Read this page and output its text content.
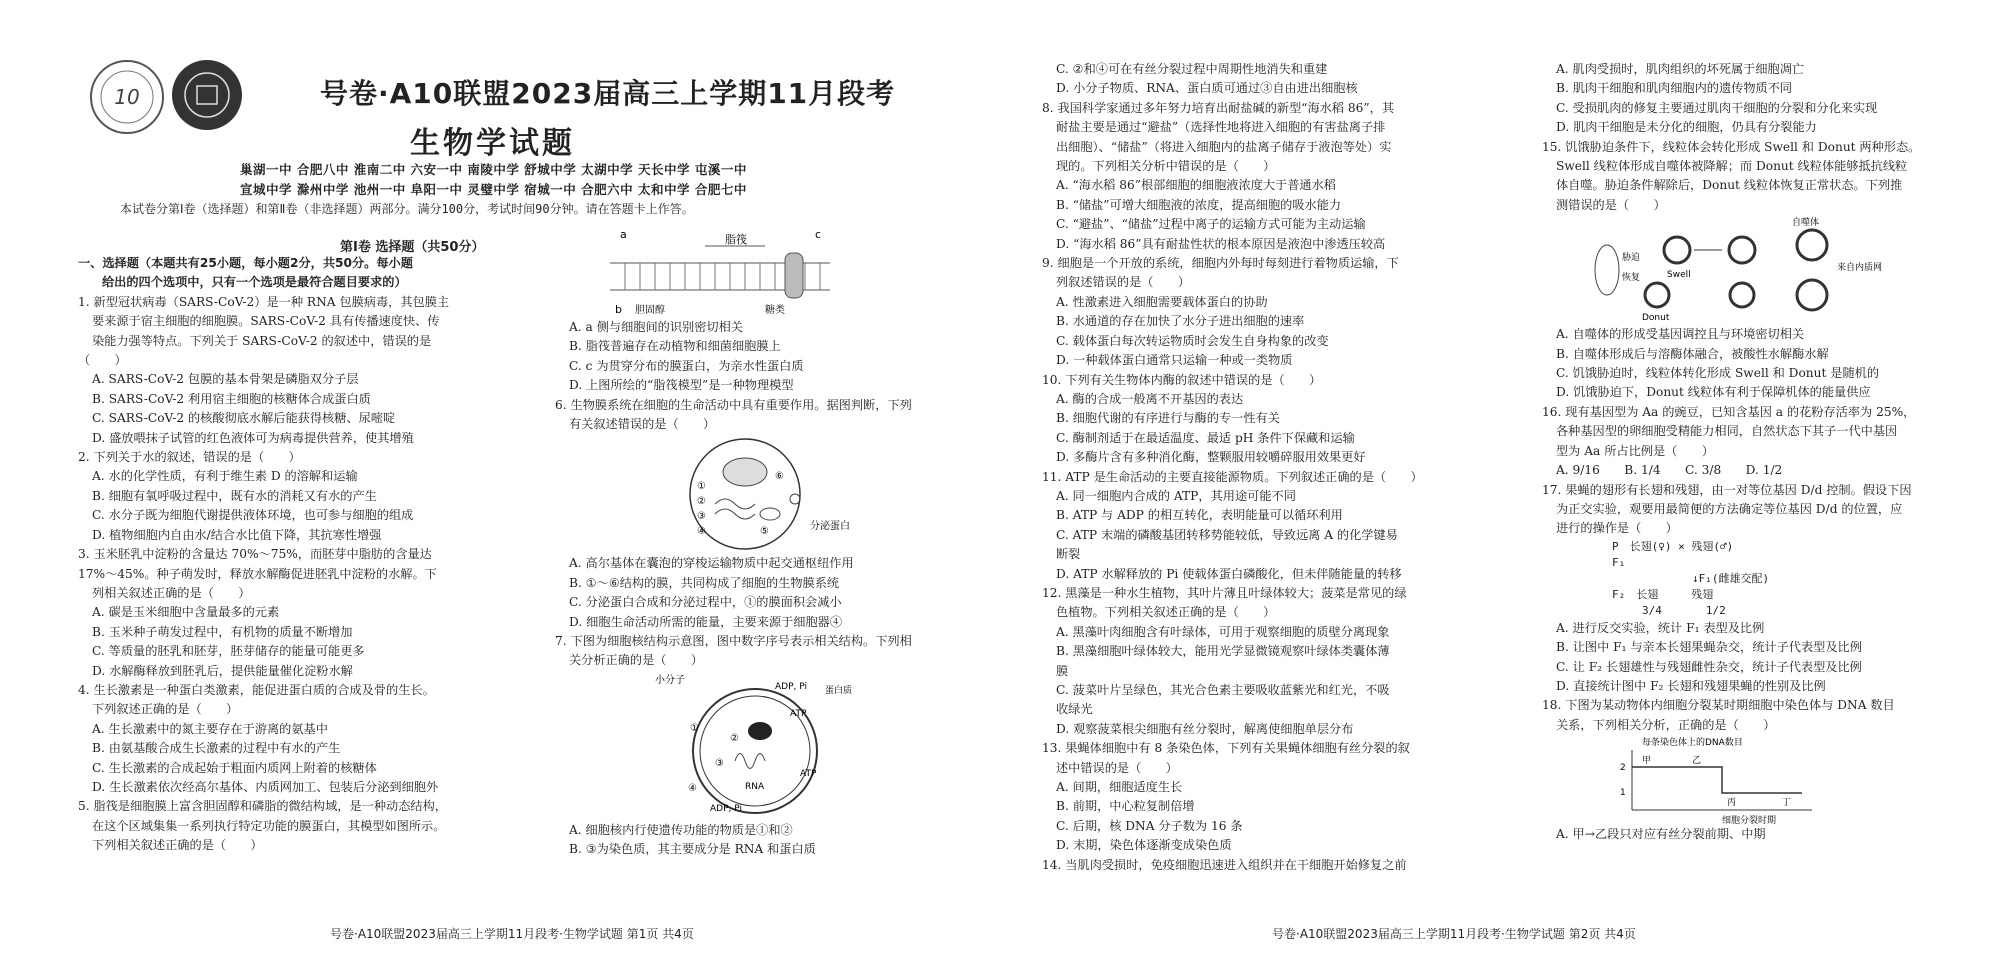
10	号卷·A10联盟2023届高三上学期11月段考
生物学试题
巢湖一中 合肥八中 淮南二中 六安一中 南陵中学 舒城中学 太湖中学 天长中学 屯溪一中
宣城中学 滁州中学 池州一中 阜阳一中 灵璧中学 宿城一中 合肥六中 太和中学 合肥七中
本试卷分第Ⅰ卷（选择题）和第Ⅱ卷（非选择题）两部分。满分100分，考试时间90分钟。请在答题卡上作答。
第Ⅰ卷 选择题（共50分）

一、选择题（本题共有25小题，每小题2分，共50分。每小题

给出的四个选项中，只有一个选项是最符合题目要求的）

1. 新型冠状病毒（SARS-CoV-2）是一种 RNA 包膜病毒，其包膜主

要来源于宿主细胞的细胞膜。SARS-CoV-2 具有传播速度快、传

染能力强等特点。下列关于 SARS-CoV-2 的叙述中，错误的是

（　　）

A. SARS-CoV-2 包膜的基本骨架是磷脂双分子层

B. SARS-CoV-2 利用宿主细胞的核糖体合成蛋白质

C. SARS-CoV-2 的核酸彻底水解后能获得核糖、尿嘧啶

D. 盛放喂抹子试管的红色液体可为病毒提供营养，使其增殖

2. 下列关于水的叙述，错误的是（　　）

A. 水的化学性质，有利于维生素 D 的溶解和运输

B. 细胞有氧呼吸过程中，既有水的消耗又有水的产生

C. 水分子既为细胞代谢提供液体环境，也可参与细胞的组成

D. 植物细胞内自由水/结合水比值下降，其抗寒性增强

3. 玉米胚乳中淀粉的含量达 70%～75%，而胚芽中脂肪的含量达

17%～45%。种子萌发时，释放水解酶促进胚乳中淀粉的水解。下

列相关叙述正确的是（　　）

A. 碳是玉米细胞中含量最多的元素

B. 玉米种子萌发过程中，有机物的质量不断增加

C. 等质量的胚乳和胚芽，胚芽储存的能量可能更多

D. 水解酶释放到胚乳后，提供能量催化淀粉水解

4. 生长激素是一种蛋白类激素，能促进蛋白质的合成及骨的生长。

下列叙述正确的是（　　）

A. 生长激素中的氮主要存在于游离的氨基中

B. 由氨基酸合成生长激素的过程中有水的产生

C. 生长激素的合成起始于粗面内质网上附着的核糖体

D. 生长激素依次经高尔基体、内质网加工、包装后分泌到细胞外

5. 脂筏是细胞膜上富含胆固醇和磷脂的微结构域，是一种动态结构，

在这个区域集集一系列执行特定功能的膜蛋白，其模型如图所示。

下列相关叙述正确的是（　　）

a	脂筏	c
b 胆固醇	糖类

A. a 侧与细胞间的识别密切相关

B. 脂筏普遍存在动植物和细菌细胞膜上

C. c 为贯穿分布的膜蛋白，为亲水性蛋白质

D. 上图所绘的“脂筏模型”是一种物理模型

6. 生物膜系统在细胞的生命活动中具有重要作用。据图判断，下列

有关叙述错误的是（　　）

①
②
③
④	⑤
⑥
分泌蛋白

A. 高尔基体在囊泡的穿梭运输物质中起交通枢纽作用

B. ①～⑥结构的膜，共同构成了细胞的生物膜系统

C. 分泌蛋白合成和分泌过程中，①的膜面积会减小

D. 细胞生命活动所需的能量，主要来源于细胞器④

7. 下图为细胞核结构示意图，图中数字序号表示相关结构。下列相

关分析正确的是（　　）

小分子
ADP, Pi 蛋白质
ATP
RNA
ATP
ADP, Pi
①
②
③
④

A. 细胞核内行使遗传功能的物质是①和②

B. ③为染色质，其主要成分是 RNA 和蛋白质

号卷·A10联盟2023届高三上学期11月段考·生物学试题 第1页 共4页

C. ②和④可在有丝分裂过程中周期性地消失和重建

D. 小分子物质、RNA、蛋白质可通过③自由进出细胞核

8. 我国科学家通过多年努力培育出耐盐碱的新型“海水稻 86”，其

耐盐主要是通过“避盐”（选择性地将进入细胞的有害盐离子排

出细胞）、“储盐”（将进入细胞内的盐离子储存于液泡等处）实

现的。下列相关分析中错误的是（　　）

A. “海水稻 86”根部细胞的细胞液浓度大于普通水稻

B. “储盐”可增大细胞液的浓度，提高细胞的吸水能力

C. “避盐”、“储盐”过程中离子的运输方式可能为主动运输

D. “海水稻 86”具有耐盐性状的根本原因是液泡中渗透压较高

9. 细胞是一个开放的系统，细胞内外每时每刻进行着物质运输，下

列叙述错误的是（　　）

A. 性激素进入细胞需要载体蛋白的协助

B. 水通道的存在加快了水分子进出细胞的速率

C. 载体蛋白每次转运物质时会发生自身构象的改变

D. 一种载体蛋白通常只运输一种或一类物质

10. 下列有关生物体内酶的叙述中错误的是（　　）

A. 酶的合成一般离不开基因的表达

B. 细胞代谢的有序进行与酶的专一性有关

C. 酶制剂适于在最适温度、最适 pH 条件下保藏和运输

D. 多酶片含有多种消化酶，整颗服用较嚼碎服用效果更好

11. ATP 是生命活动的主要直接能源物质。下列叙述正确的是（　　）

A. 同一细胞内合成的 ATP，其用途可能不同

B. ATP 与 ADP 的相互转化，表明能量可以循环利用

C. ATP 末端的磷酸基团转移势能较低，导致远离 A 的化学键易

断裂

D. ATP 水解释放的 Pi 使载体蛋白磷酸化，但未伴随能量的转移

12. 黑藻是一种水生植物，其叶片薄且叶绿体较大；菠菜是常见的绿

色植物。下列相关叙述正确的是（　　）

A. 黑藻叶肉细胞含有叶绿体，可用于观察细胞的质壁分离现象

B. 黑藻细胞叶绿体较大，能用光学显微镜观察叶绿体类囊体薄

膜

C. 菠菜叶片呈绿色，其光合色素主要吸收蓝紫光和红光，不吸

收绿光

D. 观察菠菜根尖细胞有丝分裂时，解离使细胞单层分布

13. 果蝇体细胞中有 8 条染色体，下列有关果蝇体细胞有丝分裂的叙

述中错误的是（　　）

A. 间期，细胞适度生长

B. 前期，中心粒复制倍增

C. 后期，核 DNA 分子数为 16 条

D. 末期，染色体逐渐变成染色质

14. 当肌肉受损时，免疫细胞迅速进入组织并在干细胞开始修复之前

A. 肌肉受损时，肌肉组织的坏死属于细胞凋亡

B. 肌肉干细胞和肌肉细胞内的遗传物质不同

C. 受损肌肉的修复主要通过肌肉干细胞的分裂和分化来实现

D. 肌肉干细胞是未分化的细胞，仍具有分裂能力

15. 饥饿胁迫条件下，线粒体会转化形成 Swell 和 Donut 两种形态。

Swell 线粒体形成自噬体被降解；而 Donut 线粒体能够抵抗线粒

体自噬。胁迫条件解除后，Donut 线粒体恢复正常状态。下列推

测错误的是（　　）

胁迫
恢复	Swell
Donut
自噬体
来自内质网

A. 自噬体的形成受基因调控且与环境密切相关

B. 自噬体形成后与溶酶体融合，被酸性水解酶水解

C. 饥饿胁迫时，线粒体转化形成 Swell 和 Donut 是随机的

D. 饥饿胁迫下，Donut 线粒体有利于保障机体的能量供应

16. 现有基因型为 Aa 的豌豆，已知含基因 a 的花粉存活率为 25%，

各种基因型的卵细胞受精能力相同，自然状态下其子一代中基因

型为 Aa 所占比例是（　　）

A. 9/16　　B. 1/4　　C. 3/8　　D. 1/2

17. 果蝇的翅形有长翅和残翅，由一对等位基因 D/d 控制。假设下因

为正交实验，观要用最简便的方法确定等位基因 D/d 的位置，应

进行的操作是（　　）

P　长翅(♀) × 残翅(♂)

F₁

↓F₁(雌雄交配)

F₂　长翅　　　残翅

3/4　　　　1/2

A. 进行反交实验，统计 F₁ 表型及比例

B. 让图中 F₁ 与亲本长翅果蝇杂交，统计子代表型及比例

C. 让 F₂ 长翅雄性与残翅雌性杂交，统计子代表型及比例

D. 直接统计图中 F₂ 长翅和残翅果蝇的性别及比例

18. 下图为某动物体内细胞分裂某时期细胞中染色体与 DNA 数目

关系，下列相关分析，正确的是（　　）

每条染色体上的DNA数目
2
1
甲	乙
丙	丁
细胞分裂时期

A. 甲→乙段只对应有丝分裂前期、中期

号卷·A10联盟2023届高三上学期11月段考·生物学试题 第2页 共4页
